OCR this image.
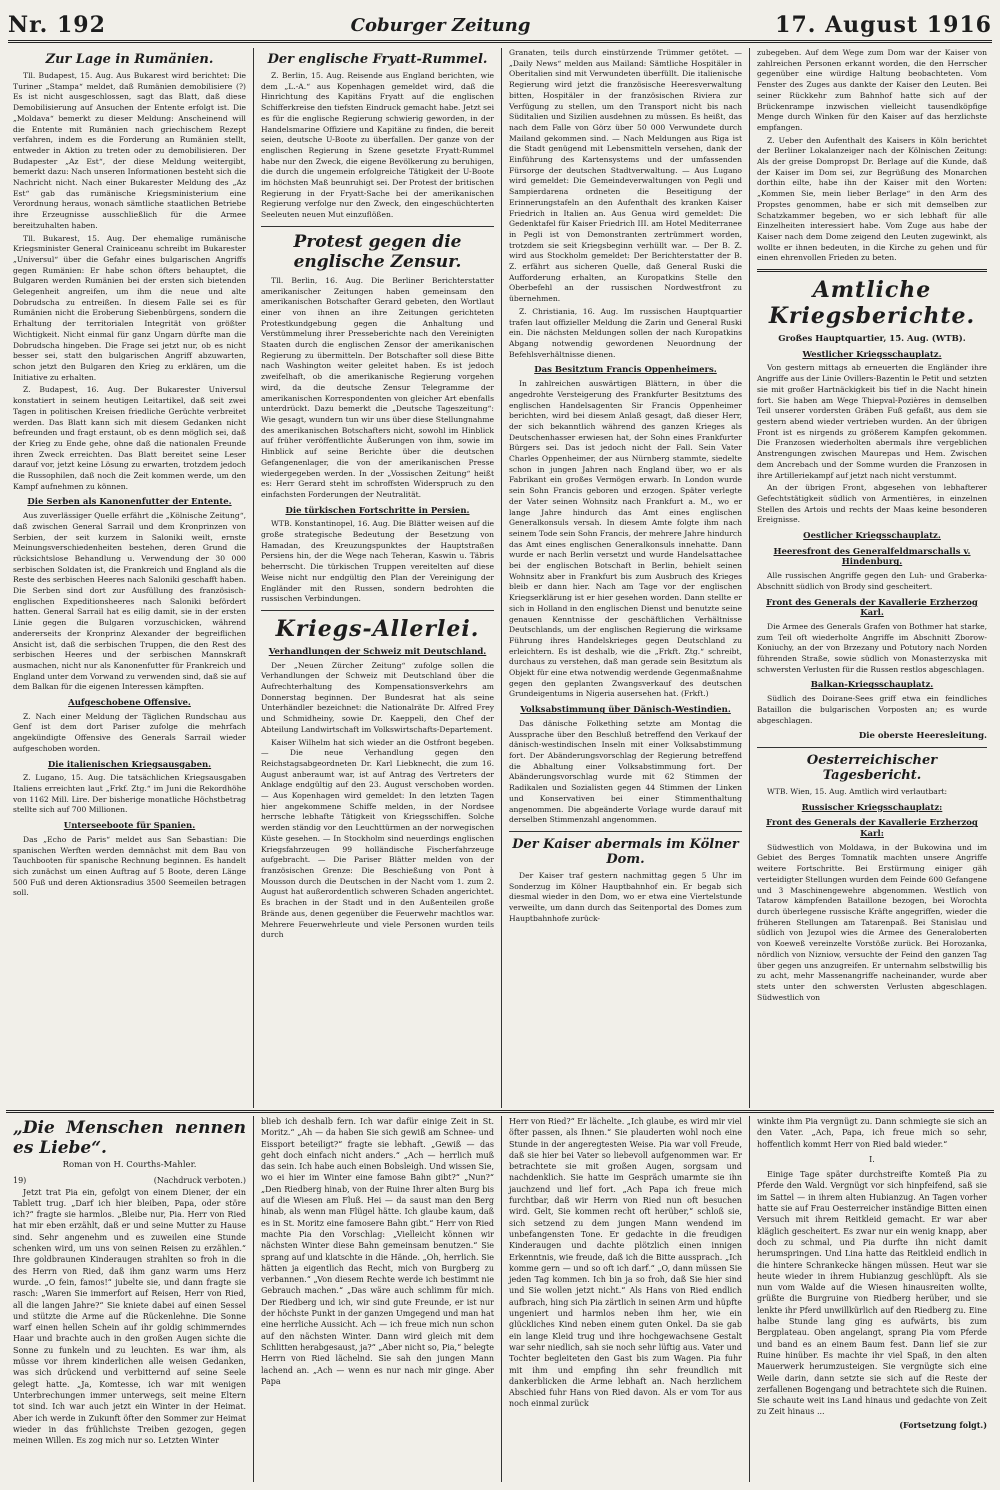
Nr. 192	Coburger Zeitung	17. August 1916
Zur Lage in Rumänien.

Tll. Budapest, 15. Aug. Aus Bukarest wird berichtet: Die Turiner „Stampa“ meldet, daß Rumänien demobilisiere (?) Es ist nicht ausgeschlossen, sagt das Blatt, daß diese Demobilisierung auf Ansuchen der Entente erfolgt ist. Die „Moldava“ bemerkt zu dieser Meldung: Anscheinend will die Entente mit Rumänien nach griechischem Rezept verfahren, indem es die Forderung an Rumänien stellt, entweder in Aktion zu treten oder zu demobilisieren. Der Budapester „Az Est“, der diese Meldung weitergibt, bemerkt dazu: Nach unseren Informationen besteht sich die Nachricht nicht. Nach einer Bukarester Meldung des „Az Est“ gab das rumänische Kriegsministerium eine Verordnung heraus, wonach sämtliche staatlichen Betriebe ihre Erzeugnisse ausschließlich für die Armee bereitzuhalten haben.

Tll. Bukarest, 15. Aug. Der ehemalige rumänische Kriegsminister General Crainiceanu schreibt im Bukarester „Universul“ über die Gefahr eines bulgarischen Angriffs gegen Rumänien: Er habe schon öfters behauptet, die Bulgaren werden Rumänien bei der ersten sich bietenden Gelegenheit angreifen, um ihm die neue und alte Dobrudscha zu entreißen. In diesem Falle sei es für Rumänien nicht die Eroberung Siebenbürgens, sondern die Erhaltung der territorialen Integrität von größter Wichtigkeit. Nicht einmal für ganz Ungarn dürfte man die Dobrudscha hingeben. Die Frage sei jetzt nur, ob es nicht besser sei, statt den bulgarischen Angriff abzuwarten, schon jetzt den Bulgaren den Krieg zu erklären, um die Initiative zu erhalten.

Z. Budapest, 16. Aug. Der Bukarester Universul konstatiert in seinem heutigen Leitartikel, daß seit zwei Tagen in politischen Kreisen friedliche Gerüchte verbreitet werden. Das Blatt kann sich mit diesem Gedanken nicht befreunden und fragt erstaunt, ob es denn möglich sei, daß der Krieg zu Ende gehe, ohne daß die nationalen Freunde ihren Zweck erreichten. Das Blatt bereitet seine Leser darauf vor, jetzt keine Lösung zu erwarten, trotzdem jedoch die Russophilen, daß noch die Zeit kommen werde, um den Kampf aufnehmen zu können.

Die Serben als Kanonenfutter der Entente.

Aus zuverlässiger Quelle erfährt die „Kölnische Zeitung“, daß zwischen General Sarrail und dem Kronprinzen von Serbien, der seit kurzem in Saloniki weilt, ernste Meinungsverschiedenheiten bestehen, deren Grund die rücksichtslose Behandlung u. Verwendung der 30 000 serbischen Soldaten ist, die Frankreich und England als die Reste des serbischen Heeres nach Saloniki geschafft haben. Die Serben sind dort zur Ausfüllung des französisch-englischen Expeditionsheeres nach Saloniki befördert hatten. General Sarrail hat es eilig damit, sie in der ersten Linie gegen die Bulgaren vorzuschicken, während andererseits der Kronprinz Alexander der begreiflichen Ansicht ist, daß die serbischen Truppen, die den Rest des serbischen Heeres und der serbischen Mannskraft ausmachen, nicht nur als Kanonenfutter für Frankreich und England unter dem Vorwand zu verwenden sind, daß sie auf dem Balkan für die eigenen Interessen kämpften.

Aufgeschobene Offensive.

Z. Nach einer Meldung der Täglichen Rundschau aus Genf ist dem dort Pariser zufolge die mehrfach angekündigte Offensive des Generals Sarrail wieder aufgeschoben worden.

Die italienischen Kriegsausgaben.

Z. Lugano, 15. Aug. Die tatsächlichen Kriegsausgaben Italiens erreichten laut „Frkf. Ztg.“ im Juni die Rekordhöhe von 1162 Mill. Lire. Der bisherige monatliche Höchstbetrag stellte sich auf 700 Millionen.

Unterseeboote für Spanien.

Das „Echo de Paris“ meldet aus San Sebastian: Die spanischen Werften werden demnächst mit dem Bau von Tauchbooten für spanische Rechnung beginnen. Es handelt sich zunächst um einen Auftrag auf 5 Boote, deren Länge 500 Fuß und deren Aktionsradius 3500 Seemeilen betragen soll.

Der englische Fryatt-Rummel.

Z. Berlin, 15. Aug. Reisende aus England berichten, wie dem „L.-A.“ aus Kopenhagen gemeldet wird, daß die Hinrichtung des Kapitäns Fryatt auf die englischen Schifferkreise den tiefsten Eindruck gemacht habe. Jetzt sei es für die englische Regierung schwierig geworden, in der Handelsmarine Offiziere und Kapitäne zu finden, die bereit seien, deutsche U-Boote zu überfallen. Der ganze von der englischen Regierung in Szene gesetzte Fryatt-Rummel habe nur den Zweck, die eigene Bevölkerung zu beruhigen, die durch die ungemein erfolgreiche Tätigkeit der U-Boote im höchsten Maß beunruhigt sei. Der Protest der britischen Regierung in der Fryatt-Sache bei der amerikanischen Regierung verfolge nur den Zweck, den eingeschüchterten Seeleuten neuen Mut einzuflößen.

Protest gegen die englische Zensur.

Tll. Berlin, 16. Aug. Die Berliner Berichterstatter amerikanischer Zeitungen haben gemeinsam den amerikanischen Botschafter Gerard gebeten, den Wortlaut einer von ihnen an ihre Zeitungen gerichteten Protestkundgebung gegen die Anhaltung und Verstümmelung ihrer Presseberichte nach den Vereinigten Staaten durch die englischen Zensor der amerikanischen Regierung zu übermitteln. Der Botschafter soll diese Bitte nach Washington weiter geleitet haben. Es ist jedoch zweifelhaft, ob die amerikanische Regierung vorgehen wird, da die deutsche Zensur Telegramme der amerikanischen Korrespondenten von gleicher Art ebenfalls unterdrückt. Dazu bemerkt die „Deutsche Tageszeitung“: Wie gesagt, wundern tun wir uns über diese Stellungnahme des amerikanischen Botschafters nicht, sowohl im Hinblick auf früher veröffentlichte Äußerungen von ihm, sowie im Hinblick auf seine Berichte über die deutschen Gefangenenlager, die von der amerikanischen Presse wiedergegeben werden. In der „Vossischen Zeitung“ heißt es: Herr Gerard steht im schroffsten Widerspruch zu den einfachsten Forderungen der Neutralität.

Die türkischen Fortschritte in Persien.

WTB. Konstantinopel, 16. Aug. Die Blätter weisen auf die große strategische Bedeutung der Besetzung von Hamadan, des Kreuzungspunktes der Hauptstraßen Persiens hin, der die Wege nach Teheran, Kaswin u. Täbris beherrscht. Die türkischen Truppen vereitelten auf diese Weise nicht nur endgültig den Plan der Vereinigung der Engländer mit den Russen, sondern bedrohten die russischen Verbindungen.

Kriegs-Allerlei.
Verhandlungen der Schweiz mit Deutschland.

Der „Neuen Zürcher Zeitung“ zufolge sollen die Verhandlungen der Schweiz mit Deutschland über die Aufrechterhaltung des Kompensationsverkehrs am Donnerstag beginnen. Der Bundesrat hat als seine Unterhändler bezeichnet: die Nationalräte Dr. Alfred Frey und Schmidheiny, sowie Dr. Kaeppeli, den Chef der Abteilung Landwirtschaft im Volkswirtschafts-Departement.

Kaiser Wilhelm hat sich wieder an die Ostfront begeben. — Die neue Verhandlung gegen den Reichstagsabgeordneten Dr. Karl Liebknecht, die zum 16. August anberaumt war, ist auf Antrag des Vertreters der Anklage endgültig auf den 23. August verschoben worden. — Aus Kopenhagen wird gemeldet: In den letzten Tagen hier angekommene Schiffe melden, in der Nordsee herrsche lebhafte Tätigkeit von Kriegsschiffen. Solche werden ständig vor den Leuchttürmen an der norwegischen Küste gesehen. — In Stockholm sind neuerdings englischen Kriegsfahrzeugen 99 holländische Fischerfahrzeuge aufgebracht. — Die Pariser Blätter melden von der französischen Grenze: Die Beschießung von Pont à Mousson durch die Deutschen in der Nacht vom 1. zum 2. August hat außerordentlich schweren Schaden angerichtet. Es brachen in der Stadt und in den Außenteilen große Brände aus, denen gegenüber die Feuerwehr machtlos war. Mehrere Feuerwehrleute und viele Personen wurden teils durch

Granaten, teils durch einstürzende Trümmer getötet. — „Daily News“ melden aus Mailand: Sämtliche Hospitäler in Oberitalien sind mit Verwundeten überfüllt. Die italienische Regierung wird jetzt die französische Heeresverwaltung bitten, Hospitäler in der französischen Riviera zur Verfügung zu stellen, um den Transport nicht bis nach Süditalien und Sizilien ausdehnen zu müssen. Es heißt, das nach dem Falle von Görz über 50 000 Verwundete durch Mailand gekommen sind. — Nach Meldungen aus Riga ist die Stadt genügend mit Lebensmitteln versehen, dank der Einführung des Kartensystems und der umfassenden Fürsorge der deutschen Stadtverwaltung. — Aus Lugano wird gemeldet: Die Gemeindeverwaltungen von Pegli und Sampierdarena ordneten die Beseitigung der Erinnerungstafeln an den Aufenthalt des kranken Kaiser Friedrich in Italien an. Aus Genua wird gemeldet: Die Gedenktafel für Kaiser Friedrich III. am Hotel Mediterranee in Pegli ist von Demonstranten zertrümmert worden, trotzdem sie seit Kriegsbeginn verhüllt war. — Der B. Z. wird aus Stockholm gemeldet: Der Berichterstatter der B. Z. erfährt aus sicheren Quelle, daß General Ruski die Aufforderung erhalten, an Kuropatkins Stelle den Oberbefehl an der russischen Nordwestfront zu übernehmen.

Z. Christiania, 16. Aug. Im russischen Hauptquartier trafen laut offizieller Meldung die Zarin und General Ruski ein. Die nächsten Meldungen sollen der nach Kuropatkins Abgang notwendig gewordenen Neuordnung der Befehlsverhältnisse dienen.

Das Besitztum Francis Oppenheimers.

In zahlreichen auswärtigen Blättern, in über die angedrohte Versteigerung des Frankfurter Besitztums des englischen Handelsagenten Sir Francis Oppenheimer berichten, wird bei diesem Anlaß gesagt, daß dieser Herr, der sich bekanntlich während des ganzen Krieges als Deutschenhasser erwiesen hat, der Sohn eines Frankfurter Bürgers sei. Das ist jedoch nicht der Fall. Sein Vater Charles Oppenheimer, der aus Nürnberg stammte, siedelte schon in jungen Jahren nach England über, wo er als Fabrikant ein großes Vermögen erwarb. In London wurde sein Sohn Francis geboren und erzogen. Später verlegte der Vater seinen Wohnsitz nach Frankfurt a. M., wo er lange Jahre hindurch das Amt eines englischen Generalkonsuls versah. In diesem Amte folgte ihm nach seinem Tode sein Sohn Francis, der mehrere Jahre hindurch das Amt eines englischen Generalkonsuls innehatte. Dann wurde er nach Berlin versetzt und wurde Handelsattachee bei der englischen Botschaft in Berlin, behielt seinen Wohnsitz aber in Frankfurt bis zum Ausbruch des Krieges bleib er dann hier. Nach am Tage vor der englischen Kriegserklärung ist er hier gesehen worden. Dann stellte er sich in Holland in den englischen Dienst und benutzte seine genauen Kenntnisse der geschäftlichen Verhältnisse Deutschlands, um der englischen Regierung die wirksame Führung ihres Handelskrieges gegen Deutschland zu erleichtern. Es ist deshalb, wie die „Frkft. Ztg.“ schreibt, durchaus zu verstehen, daß man gerade sein Besitztum als Objekt für eine etwa notwendig werdende Gegenmaßnahme gegen den geplanten Zwangsverkauf des deutschen Grundeigentums in Nigeria ausersehen hat. (Frkft.)

Volksabstimmung über Dänisch-Westindien.

Das dänische Folkething setzte am Montag die Aussprache über den Beschluß betreffend den Verkauf der dänisch-westindischen Inseln mit einer Volksabstimmung fort. Der Abänderungsvorschlag der Regierung betreffend die Abhaltung einer Volksabstimmung fort. Der Abänderungsvorschlag wurde mit 62 Stimmen der Radikalen und Sozialisten gegen 44 Stimmen der Linken und Konservativen bei einer Stimmenthaltung angenommen. Die abgeänderte Vorlage wurde darauf mit derselben Stimmenzahl angenommen.

Der Kaiser abermals im Kölner Dom.

Der Kaiser traf gestern nachmittag gegen 5 Uhr im Sonderzug im Kölner Hauptbahnhof ein. Er begab sich diesmal wieder in den Dom, wo er etwa eine Viertelstunde verweilte, um dann durch das Seitenportal des Domes zum Hauptbahnhofe zurück-

zubegeben. Auf dem Wege zum Dom war der Kaiser von zahlreichen Personen erkannt worden, die den Herrscher gegenüber eine würdige Haltung beobachteten. Vom Fenster des Zuges aus dankte der Kaiser den Leuten. Bei seiner Rückkehr zum Bahnhof hatte sich auf der Brückenrampe inzwischen vielleicht tausendköpfige Menge durch Winken für den Kaiser auf das herzlichste empfangen.

Z. Ueber den Aufenthalt des Kaisers in Köln berichtet der Berliner Lokalanzeiger nach der Kölnischen Zeitung: Als der greise Dompropst Dr. Berlage auf die Kunde, daß der Kaiser im Dom sei, zur Begrüßung des Monarchen dorthin eilte, habe ihn der Kaiser mit den Worten: „Kommen Sie, mein lieber Berlage“ in den Arm des Propstes genommen, habe er sich mit demselben zur Schatzkammer begeben, wo er sich lebhaft für alle Einzelheiten interessiert habe. Vom Zuge aus habe der Kaiser nach dem Dome zeigend den Leuten zugewinkt, als wollte er ihnen bedeuten, in die Kirche zu gehen und für einen ehrenvollen Frieden zu beten.

Amtliche Kriegsberichte.
Großes Hauptquartier, 15. Aug. (WTB).
Westlicher Kriegsschauplatz.

Von gestern mittags ab erneuerten die Engländer ihre Angriffe aus der Linie Ovillers-Bazentin le Petit und setzten sie mit großer Hartnäckigkeit bis tief in die Nacht hinein fort. Sie haben am Wege Thiepval-Pozières in demselben Teil unserer vordersten Gräben Fuß gefaßt, aus dem sie gestern abend wieder vertrieben wurden. An der übrigen Front ist es nirgends zu größerem Kampfen gekommen. Die Franzosen wiederholten abermals ihre vergeblichen Anstrengungen zwischen Maurepas und Hem. Zwischen dem Ancrebach und der Somme wurden die Franzosen in ihre Artilleriekampf auf jetzt nach nicht verstummt.

An der übrigen Front, abgesehen von lebhafterer Gefechtstätigkeit südlich von Armentières, in einzelnen Stellen des Artois und rechts der Maas keine besonderen Ereignisse.

Oestlicher Kriegsschauplatz.
Heeresfront des Generalfeldmarschalls v. Hindenburg.

Alle russischen Angriffe gegen den Luh- und Graberka-Abschnitt südlich von Brody sind gescheitert.

Front des Generals der Kavallerie Erzherzog Karl.

Die Armee des Generals Grafen von Bothmer hat starke, zum Teil oft wiederholte Angriffe im Abschnitt Zborow-Koniuchy, an der von Brzezany und Potutory nach Norden führenden Straße, sowie südlich von Monasterzyska mit schwersten Verlusten für die Russen restlos abgeschlagen.

Balkan-Kriegsschauplatz.

Südlich des Doirane-Sees griff etwa ein feindliches Bataillon die bulgarischen Vorposten an; es wurde abgeschlagen.

Die oberste Heeresleitung.
Oesterreichischer Tagesbericht.

WTB. Wien, 15. Aug. Amtlich wird verlautbart:

Russischer Kriegsschauplatz:
Front des Generals der Kavallerie Erzherzog Karl:

Südwestlich von Moldawa, in der Bukowina und im Gebiet des Berges Tomnatik machten unsere Angriffe weitere Fortschritte. Bei Erstürmung einiger gäh verteidigter Stellungen wurden dem Feinde 600 Gefangene und 3 Maschinengewehre abgenommen. Westlich von Tatarow kämpfenden Bataillone bezogen, bei Worochta durch überlegene russische Kräfte angegriffen, wieder die früheren Stellungen am Tatarenpaß. Bei Stanislau und südlich von Jezupol wies die Armee des Generaloberten von Koeweß vereinzelte Vorstöße zurück. Bei Horozanka, nördlich von Nizniow, versuchte der Feind den ganzen Tag über gegen uns anzugreifen. Er unternahm selbstwillig bis zu acht, mehr Massenangriffe nacheinander, wurde aber stets unter den schwersten Verlusten abgeschlagen. Südwestlich von

„Die Menschen nennen es Liebe“.
Roman von H. Courths-Mahler.
19)	(Nachdruck verboten.)

Jetzt trat Pia ein, gefolgt von einem Diener, der ein Tablett trug. „Darf ich hier bleiben, Papa, oder störe ich?“ fragte sie harmlos. „Bleibe nur, Pia. Herr von Ried hat mir eben erzählt, daß er und seine Mutter zu Hause sind. Sehr angenehm und es zuweilen eine Stunde schenken wird, um uns von seinen Reisen zu erzählen.“ Ihre goldbraunen Kinderaugen strahlten so froh in die des Herrn von Ried, daß ihm ganz warm ums Herz wurde. „O fein, famos!“ jubelte sie, und dann fragte sie rasch: „Waren Sie immerfort auf Reisen, Herr von Ried, all die langen Jahre?“ Sie kniete dabei auf einen Sessel und stützte die Arme auf die Rückenlehne. Die Sonne warf einen hellen Schein auf ihr goldig schimmerndes Haar und brachte auch in den großen Augen sichte die Sonne zu funkeln und zu leuchten. Es war ihm, als müsse vor ihrem kinderlichen alle weisen Gedanken, was sich drückend und verbitternd auf seine Seele gelegt hatte. „Ja, Komtesse, ich war mit wenigen Unterbrechungen immer unterwegs, seit meine Eltern tot sind. Ich war auch jetzt ein Winter in der Heimat. Aber ich werde in Zukunft öfter den Sommer zur Heimat wieder in das frühlichste Treiben gezogen, gegen meinen Willen. Es zog mich nur so. Letzten Winter

blieb ich deshalb fern. Ich war dafür einige Zeit in St. Moritz.“ „Ah — da haben Sie sich gewiß am Schnee- und Eissport beteiligt?“ fragte sie lebhaft. „Gewiß — das geht doch einfach nicht anders.“ „Ach — herrlich muß das sein. Ich habe auch einen Bobsleigh. Und wissen Sie, wo ei hier im Winter eine famose Bahn gibt?“ „Nun?“ „Den Riedberg hinab, von der Ruine Ihrer alten Burg bis auf die Wiesen am Fluß. Hei — da saust man den Berg hinab, als wenn man Flügel hätte. Ich glaube kaum, daß es in St. Moritz eine famosere Bahn gibt.“ Herr von Ried machte Pia den Vorschlag: „Vielleicht können wir nächsten Winter diese Bahn gemeinsam benutzen.“ Sie sprang auf und klatschte in die Hände. „Oh, herrlich. Sie hätten ja eigentlich das Recht, mich von Burgberg zu verbannen.“ „Von diesem Rechte werde ich bestimmt nie Gebrauch machen.“ „Das wäre auch schlimm für mich. Der Riedberg und ich, wir sind gute Freunde, er ist nur der höchste Punkt in der ganzen Umgegend und man hat eine herrliche Aussicht. Ach — ich freue mich nun schon auf den nächsten Winter. Dann wird gleich mit dem Schlitten herabgesaust, ja?“ „Aber nicht so, Pia,“ belegte Herrn von Ried lächelnd. Sie sah den jungen Mann lachend an. „Ach — wenn es nur nach mir ginge. Aber Papa

Herr von Ried?“ Er lächelte. „Ich glaube, es wird mir viel öfter passen, als Ihnen.“ Sie plauderten wohl noch eine Stunde in der angeregtesten Weise. Pia war voll Freude, daß sie hier bei Vater so liebevoll aufgenommen war. Er betrachtete sie mit großen Augen, sorgsam und nachdenklich. Sie hatte im Gespräch umarmte sie ihn jauchzend und lief fort. „Ach Papa ich freue mich furchtbar, daß wir Herrn von Ried nun oft besuchen wird. Gelt, Sie kommen recht oft herüber,“ schloß sie, sich setzend zu dem jungen Mann wendend im unbefangensten Tone. Er gedachte in die freudigen Kinderaugen und dachte plötzlich einen innigen Erkenntnis, wie freude, daß ich die Bitte aussprach. „Ich komme gern — und so oft ich darf.“ „O, dann müssen Sie jeden Tag kommen. Ich bin ja so froh, daß Sie hier sind und Sie wollen jetzt nicht.“ Als Hans von Ried endlich aufbrach, hing sich Pia zärtlich in seinen Arm und hüpfte ungeniert und harmlos neben ihm her, wie ein glückliches Kind neben einem guten Onkel. Da sie gab ein lange Kleid trug und ihre hochgewachsene Gestalt war sehr niedlich, sah sie noch sehr lüftig aus. Vater und Tochter begleiteten den Gast bis zum Wagen. Pia fuhr mit ihm und empfing ihn sehr freundlich mit dankerblicken die Arme lebhaft an. Nach herzlichem Abschied fuhr Hans von Ried davon. Als er vom Tor aus noch einmal zurück

winkte ihm Pia vergnügt zu. Dann schmiegte sie sich an den Vater. „Ach, Papa, ich freue mich so sehr, hoffentlich kommt Herr von Ried bald wieder.“

I.

Einige Tage später durchstreifte Komteß Pia zu Pferde den Wald. Vergnügt vor sich hinpfeifend, saß sie im Sattel — in ihrem alten Hubianzug. An Tagen vorher hatte sie auf Frau Oesterreicher inständige Bitten einen Versuch mit ihrem Reitkleid gemacht. Er war aber kläglich gescheitert. Es zwar nur ein wenig knapp, aber doch zu schmal, und Pia durfte ihn nicht damit herumspringen. Und Lina hatte das Reitkleid endlich in die hintere Schrankecke hängen müssen. Heut war sie heute wieder in ihrem Hubianzug geschlüpft. Als sie nun vom Walde auf die Wiesen hinausreiten wollte, grüßte die Burgruine von Riedberg herüber, und sie lenkte ihr Pferd unwillkürlich auf den Riedberg zu. Eine halbe Stunde lang ging es aufwärts, bis zum Bergplateau. Oben angelangt, sprang Pia vom Pferde und band es an einem Baum fest. Dann lief sie zur Ruine hinüber. Es machte ihr viel Spaß, in den alten Mauerwerk herumzusteigen. Sie vergnügte sich eine Weile darin, dann setzte sie sich auf die Reste der zerfallenen Bogengang und betrachtete sich die Ruinen. Sie schaute weit ins Land hinaus und gedachte von Zeit zu Zeit hinaus ...

(Fortsetzung folgt.)
